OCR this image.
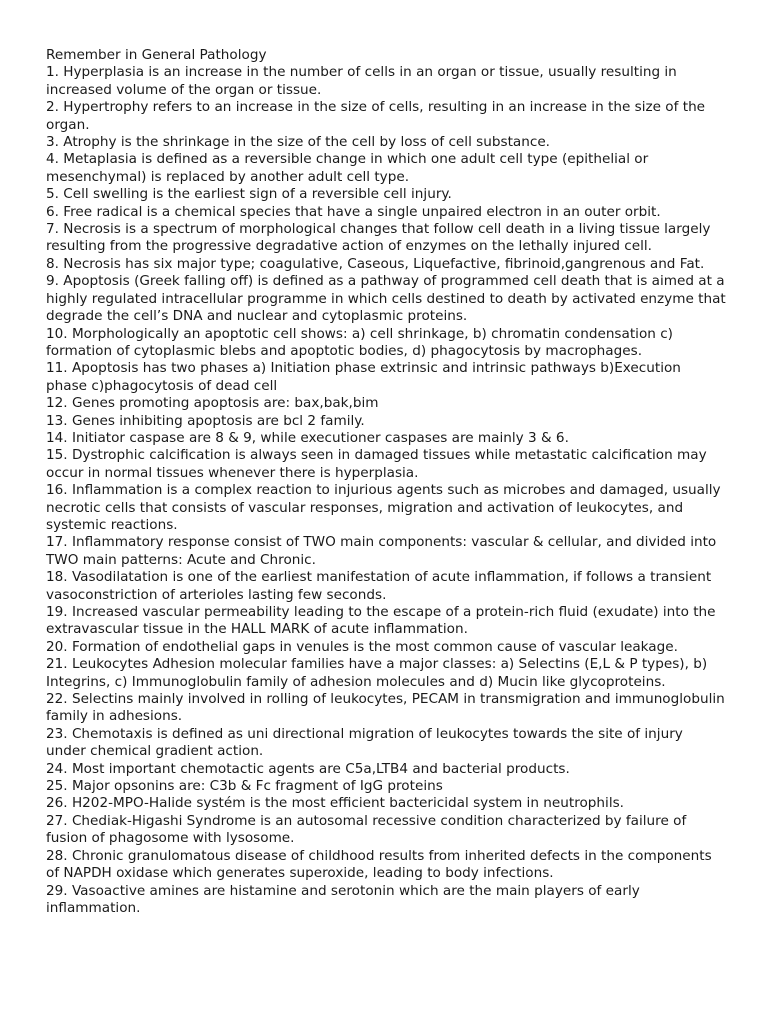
Remember in General Pathology

1. Hyperplasia is an increase in the number of cells in an organ or tissue, usually resulting in increased volume of the organ or tissue.

2. Hypertrophy refers to an increase in the size of cells, resulting in an increase in the size of the organ.

3. Atrophy is the shrinkage in the size of the cell by loss of cell substance.

4. Metaplasia is defined as a reversible change in which one adult cell type (epithelial or mesenchymal) is replaced by another adult cell type.

5. Cell swelling is the earliest sign of a reversible cell injury.

6. Free radical is a chemical species that have a single unpaired electron in an outer orbit.

7. Necrosis is a spectrum of morphological changes that follow cell death in a living tissue largely resulting from the progressive degradative action of enzymes on the lethally injured cell.

8. Necrosis has six major type; coagulative, Caseous, Liquefactive, fibrinoid,gangrenous and Fat.

9. Apoptosis (Greek falling off) is defined as a pathway of programmed cell death that is aimed at a highly regulated intracellular programme in which cells destined to death by activated enzyme that degrade the cell’s DNA and nuclear and cytoplasmic proteins.

10. Morphologically an apoptotic cell shows: a) cell shrinkage, b) chromatin condensation c) formation of cytoplasmic blebs and apoptotic bodies, d) phagocytosis by macrophages.

11. Apoptosis has two phases a) Initiation phase extrinsic and intrinsic pathways b)Execution phase c)phagocytosis of dead cell

12. Genes promoting apoptosis are: bax,bak,bim

13. Genes inhibiting apoptosis are bcl 2 family.

14. Initiator caspase are 8 & 9, while executioner caspases are mainly 3 & 6.

15. Dystrophic calcification is always seen in damaged tissues while metastatic calcification may occur in normal tissues whenever there is hyperplasia.

16. Inflammation is a complex reaction to injurious agents such as microbes and damaged, usually necrotic cells that consists of vascular responses, migration and activation of leukocytes, and systemic reactions.

17. Inflammatory response consist of TWO main components: vascular & cellular, and divided into TWO main patterns: Acute and Chronic.

18. Vasodilatation is one of the earliest manifestation of acute inflammation, if follows a transient vasoconstriction of arterioles lasting few seconds.

19. Increased vascular permeability leading to the escape of a protein-rich fluid (exudate) into the extravascular tissue in the HALL MARK of acute inflammation.

20. Formation of endothelial gaps in venules is the most common cause of vascular leakage.

21. Leukocytes Adhesion molecular families have a major classes: a) Selectins (E,L & P types), b) Integrins, c) Immunoglobulin family of adhesion molecules and d) Mucin like glycoproteins.

22. Selectins mainly involved in rolling of leukocytes, PECAM in transmigration and immunoglobulin family in adhesions.

23. Chemotaxis is defined as uni directional migration of leukocytes towards the site of injury under chemical gradient action.

24. Most important chemotactic agents are C5a,LTB4 and bacterial products.

25. Major opsonins are: C3b & Fc fragment of IgG proteins

26. H202-MPO-Halide systém is the most efficient bactericidal system in neutrophils.

27. Chediak-Higashi Syndrome is an autosomal recessive condition characterized by failure of fusion of phagosome with lysosome.

28. Chronic granulomatous disease of childhood results from inherited defects in the components of NAPDH oxidase which generates superoxide, leading to body infections.

29. Vasoactive amines are histamine and serotonin which are the main players of early inflammation.
